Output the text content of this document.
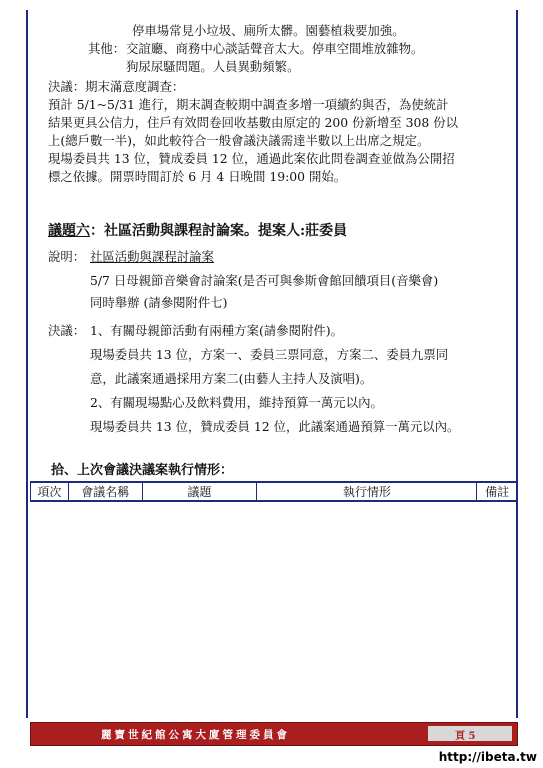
停車場常見小垃圾、廁所太髒。園藝植栽要加強。
其他： 交誼廳、商務中心談話聲音太大。停車空間堆放雜物。
狗尿尿騷問題。人員異動頻繁。
決議：期末滿意度調查：
預計 5/1~5/31 進行，期末調查較期中調查多增一項續約與否，為使統計
結果更具公信力，住戶有效問卷回收基數由原定的 200 份新增至 308 份以
上(總戶數一半)，如此較符合一般會議決議需達半數以上出席之規定。
現場委員共 13 位，贊成委員 12 位，通過此案依此問卷調查並做為公開招
標之依據。開票時間訂於 6 月 4 日晚間 19:00 開始。
議題六：社區活動與課程討論案。提案人:莊委員
說明： 社區活動與課程討論案
5/7 日母親節音樂會討論案(是否可與參斯會館回饋項目(音樂會)
同時舉辦 (請參閱附件七)
決議： 1、有關母親節活動有兩種方案(請參閱附件)。
現場委員共 13 位，方案一、委員三票同意，方案二、委員九票同
意，此議案通過採用方案二(由藝人主持人及演唱)。
2、有關現場點心及飲料費用，維持預算一萬元以內。
現場委員共 13 位，贊成委員 12 位，此議案通過預算一萬元以內。
拾、上次會議決議案執行情形：
項次	會議名稱	議題	執行情形	備註
麗寶世紀館公寓大廈管理委員會	頁 5
http://ibeta.tw
